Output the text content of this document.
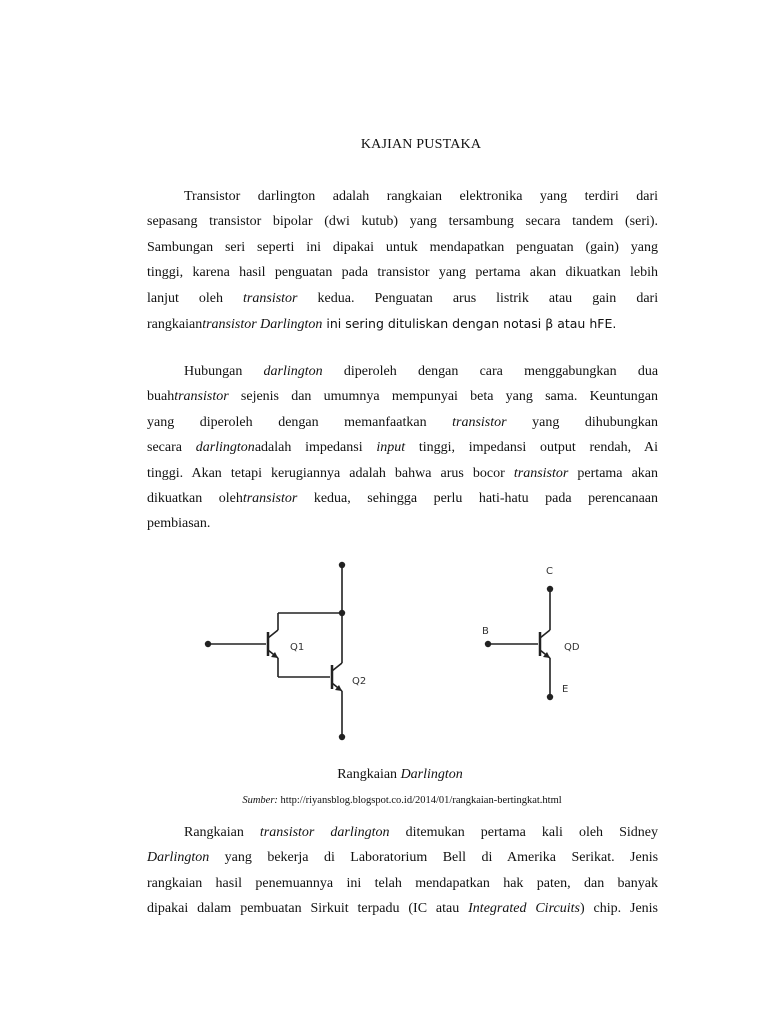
KAJIAN PUSTAKA
Transistor darlington adalah rangkaian elektronika yang terdiri dari
sepasang transistor bipolar (dwi kutub) yang tersambung secara tandem (seri).
Sambungan seri seperti ini dipakai untuk mendapatkan penguatan (gain) yang
tinggi, karena hasil penguatan pada transistor yang pertama akan dikuatkan lebih
lanjut oleh transistor kedua. Penguatan arus listrik atau gain dari
rangkaiantransistor Darlington ini sering dituliskan dengan notasi β atau hFE.
Hubungan darlington diperoleh dengan cara menggabungkan dua
buahtransistor sejenis dan umumnya mempunyai beta yang sama. Keuntungan
yang diperoleh dengan memanfaatkan transistor yang dihubungkan
secara darlingtonadalah impedansi input tinggi, impedansi output rendah, Ai
tinggi. Akan tetapi kerugiannya adalah bahwa arus bocor transistor pertama akan
dikuatkan olehtransistor kedua, sehingga perlu hati-hatu pada perencanaan
pembiasan.
Q1
Q2
B
C
QD
E
Rangkaian Darlington
Sumber: http://riyansblog.blogspot.co.id/2014/01/rangkaian-bertingkat.html
Rangkaian transistor darlington ditemukan pertama kali oleh Sidney
Darlington yang bekerja di Laboratorium Bell di Amerika Serikat. Jenis
rangkaian hasil penemuannya ini telah mendapatkan hak paten, dan banyak
dipakai dalam pembuatan Sirkuit terpadu (IC atau Integrated Circuits) chip. Jenis
